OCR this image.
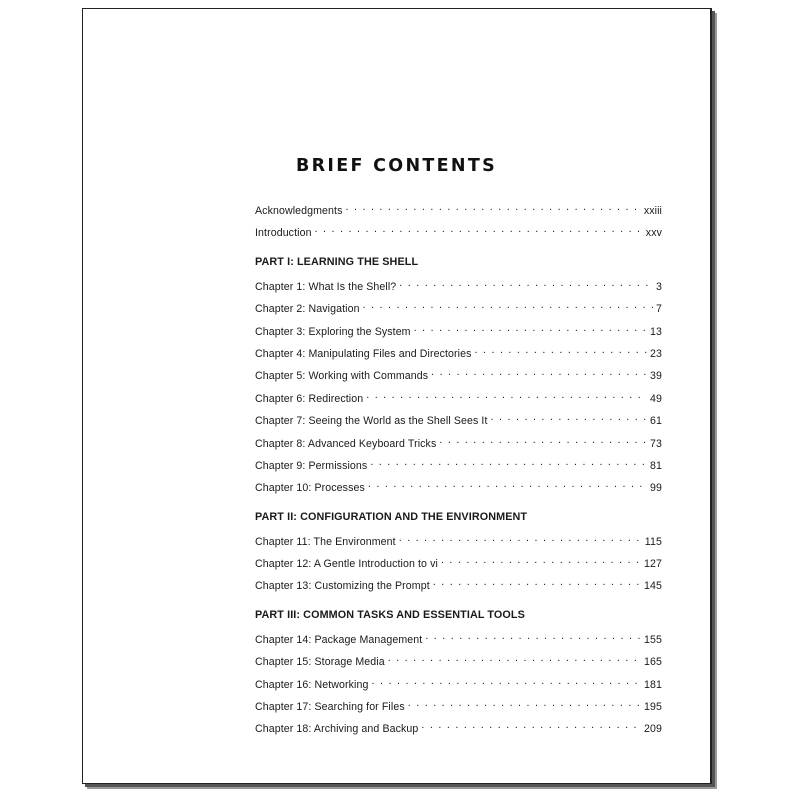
BRIEF CONTENTS
Acknowledgments . . .	xxiii
Introduction . . .	xxv
PART I: LEARNING THE SHELL
Chapter 1: What Is the Shell? . . .	3
Chapter 2: Navigation . . .	7
Chapter 3: Exploring the System . . .	13
Chapter 4: Manipulating Files and Directories . . .	23
Chapter 5: Working with Commands . . .	39
Chapter 6: Redirection . . .	49
Chapter 7: Seeing the World as the Shell Sees It . . .	61
Chapter 8: Advanced Keyboard Tricks . . .	73
Chapter 9: Permissions . . .	81
Chapter 10: Processes . . .	99
PART II: CONFIGURATION AND THE ENVIRONMENT
Chapter 11: The Environment . . .	115
Chapter 12: A Gentle Introduction to vi . . .	127
Chapter 13: Customizing the Prompt . . .	145
PART III: COMMON TASKS AND ESSENTIAL TOOLS
Chapter 14: Package Management . . .	155
Chapter 15: Storage Media . . .	165
Chapter 16: Networking . . .	181
Chapter 17: Searching for Files . . .	195
Chapter 18: Archiving and Backup . . .	209
